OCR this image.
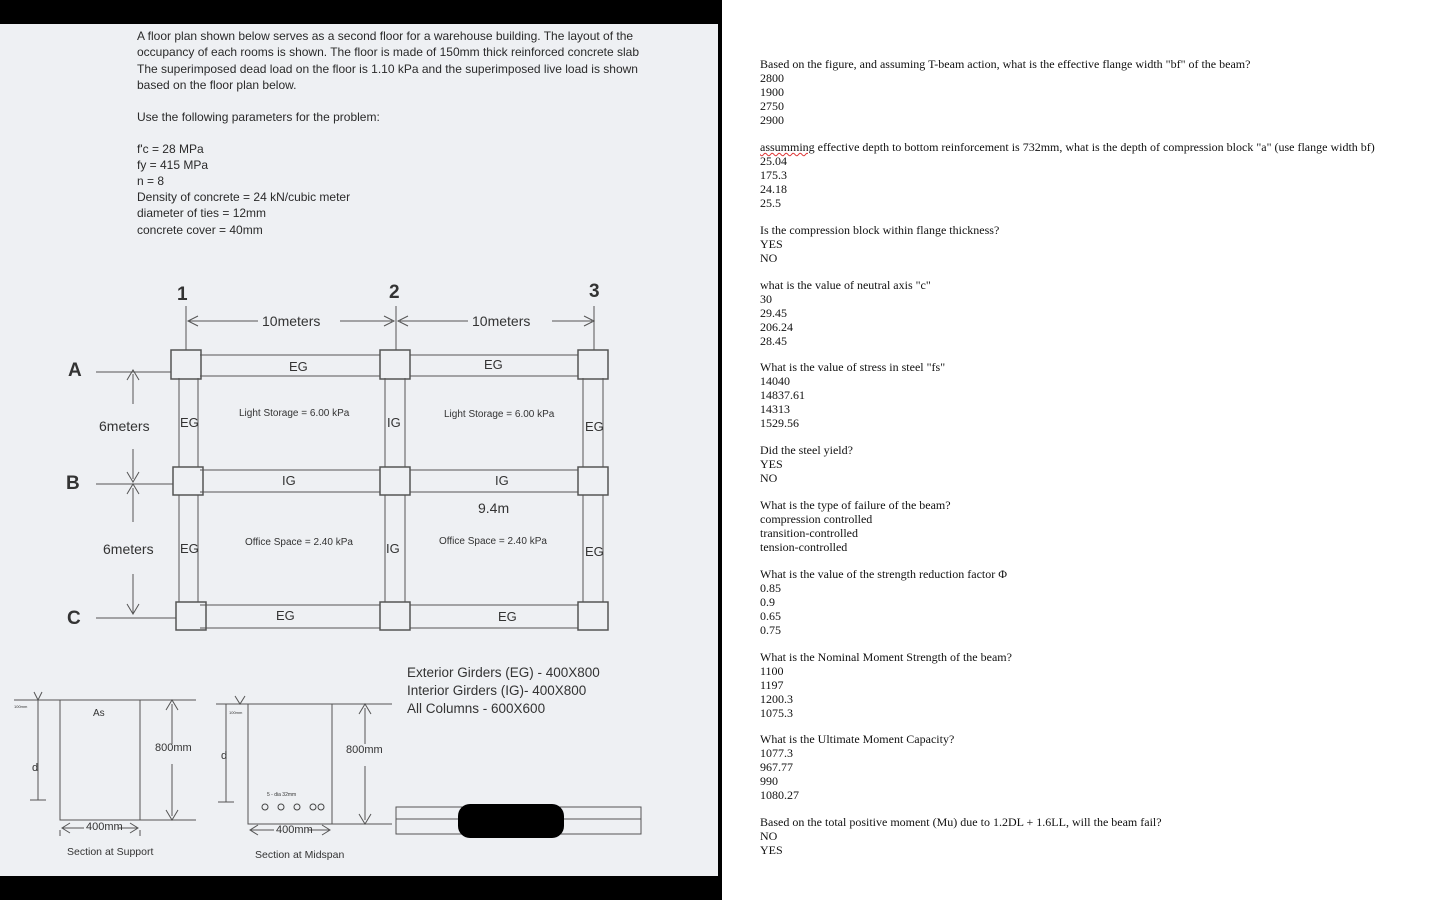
A floor plan shown below serves as a second floor for a warehouse building. The layout of the
occupancy of each rooms is shown. The floor is made of 150mm thick reinforced concrete slab
The superimposed dead load on the floor is 1.10 kPa and the superimposed live load is shown
based on the floor plan below.
Use the following parameters for the problem:
f'c = 28 MPa
fy = 415 MPa
n = 8
Density of concrete = 24 kN/cubic meter
diameter of ties = 12mm
concrete cover = 40mm
1	2	3
A
B
C
10meters	10meters
6meters
6meters
EG	EG
IG	IG
EG	EG
EG	IG	EG
EG	IG	EG
Light Storage = 6.00 kPa	Light Storage = 6.00 kPa
Office Space = 2.40 kPa	Office Space = 2.40 kPa
9.4m
Exterior Girders (EG) - 400X800
Interior Girders (IG)- 400X800
All Columns - 600X600
As
800mm
d
100mm
400mm
Section at Support
800mm
d
100mm
5 - dia 32mm
400mm
Section at Midspan
Based on the figure, and assuming T-beam action, what is the effective flange width "bf" of the beam?
2800
1900
2750
2900
assumming effective depth to bottom reinforcement is 732mm, what is the depth of compression block "a" (use flange width bf)
25.04
175.3
24.18
25.5
Is the compression block within flange thickness?
YES
NO
what is the value of neutral axis "c"
30
29.45
206.24
28.45
What is the value of stress in steel "fs"
14040
14837.61
14313
1529.56
Did the steel yield?
YES
NO
What is the type of failure of the beam?
compression controlled
transition-controlled
tension-controlled
What is the value of the strength reduction factor Φ
0.85
0.9
0.65
0.75
What is the Nominal Moment Strength of the beam?
1100
1197
1200.3
1075.3
What is the Ultimate Moment Capacity?
1077.3
967.77
990
1080.27
Based on the total positive moment (Mu) due to 1.2DL + 1.6LL, will the beam fail?
NO
YES
